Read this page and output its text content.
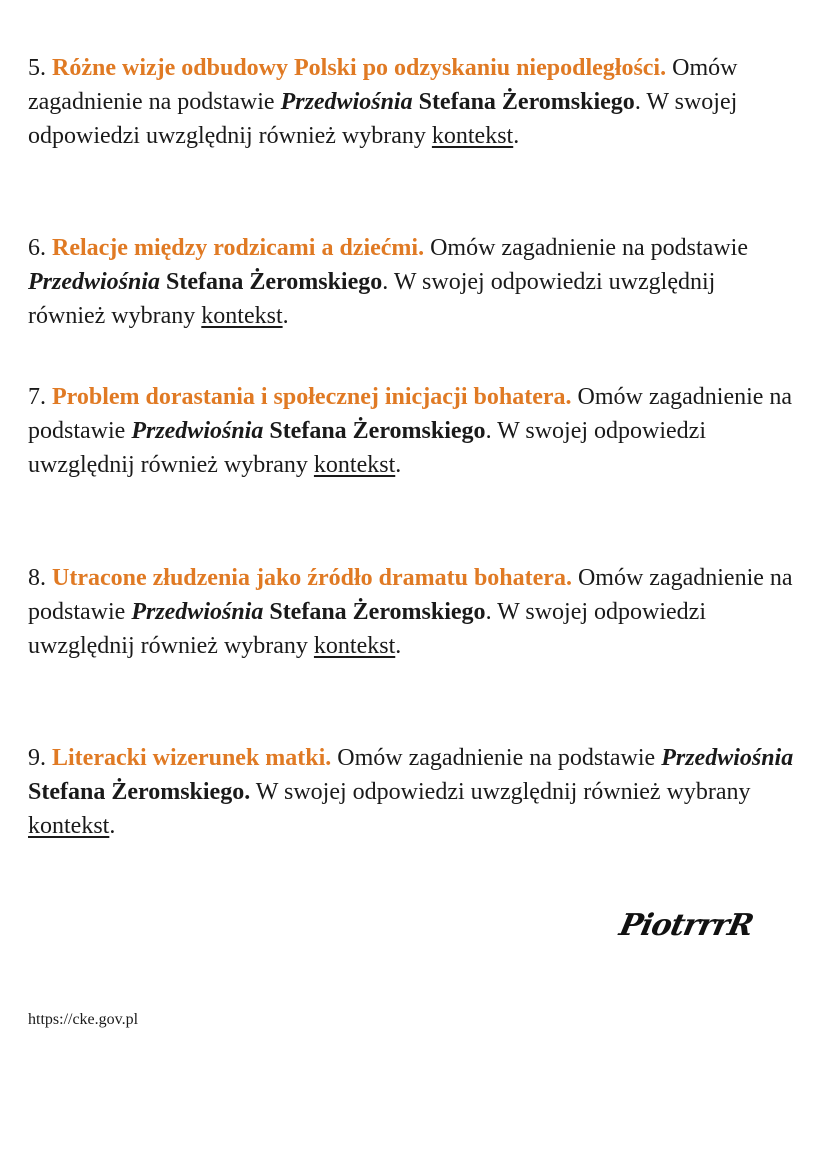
5. Różne wizje odbudowy Polski po odzyskaniu niepodległości. Omów zagadnienie na podstawie Przedwiośnia Stefana Żeromskiego. W swojej odpowiedzi uwzględnij również wybrany kontekst.

6. Relacje między rodzicami a dziećmi. Omów zagadnienie na podstawie Przedwiośnia Stefana Żeromskiego. W swojej odpowiedzi uwzględnij również wybrany kontekst.

7. Problem dorastania i społecznej inicjacji bohatera. Omów zagadnienie na podstawie Przedwiośnia Stefana Żeromskiego. W swojej odpowiedzi uwzględnij również wybrany kontekst.

8. Utracone złudzenia jako źródło dramatu bohatera. Omów zagadnienie na podstawie Przedwiośnia Stefana Żeromskiego. W swojej odpowiedzi uwzględnij również wybrany kontekst.

9. Literacki wizerunek matki. Omów zagadnienie na podstawie Przedwiośnia Stefana Żeromskiego. W swojej odpowiedzi uwzględnij również wybrany kontekst.

PiotrrrR
https://cke.gov.pl
